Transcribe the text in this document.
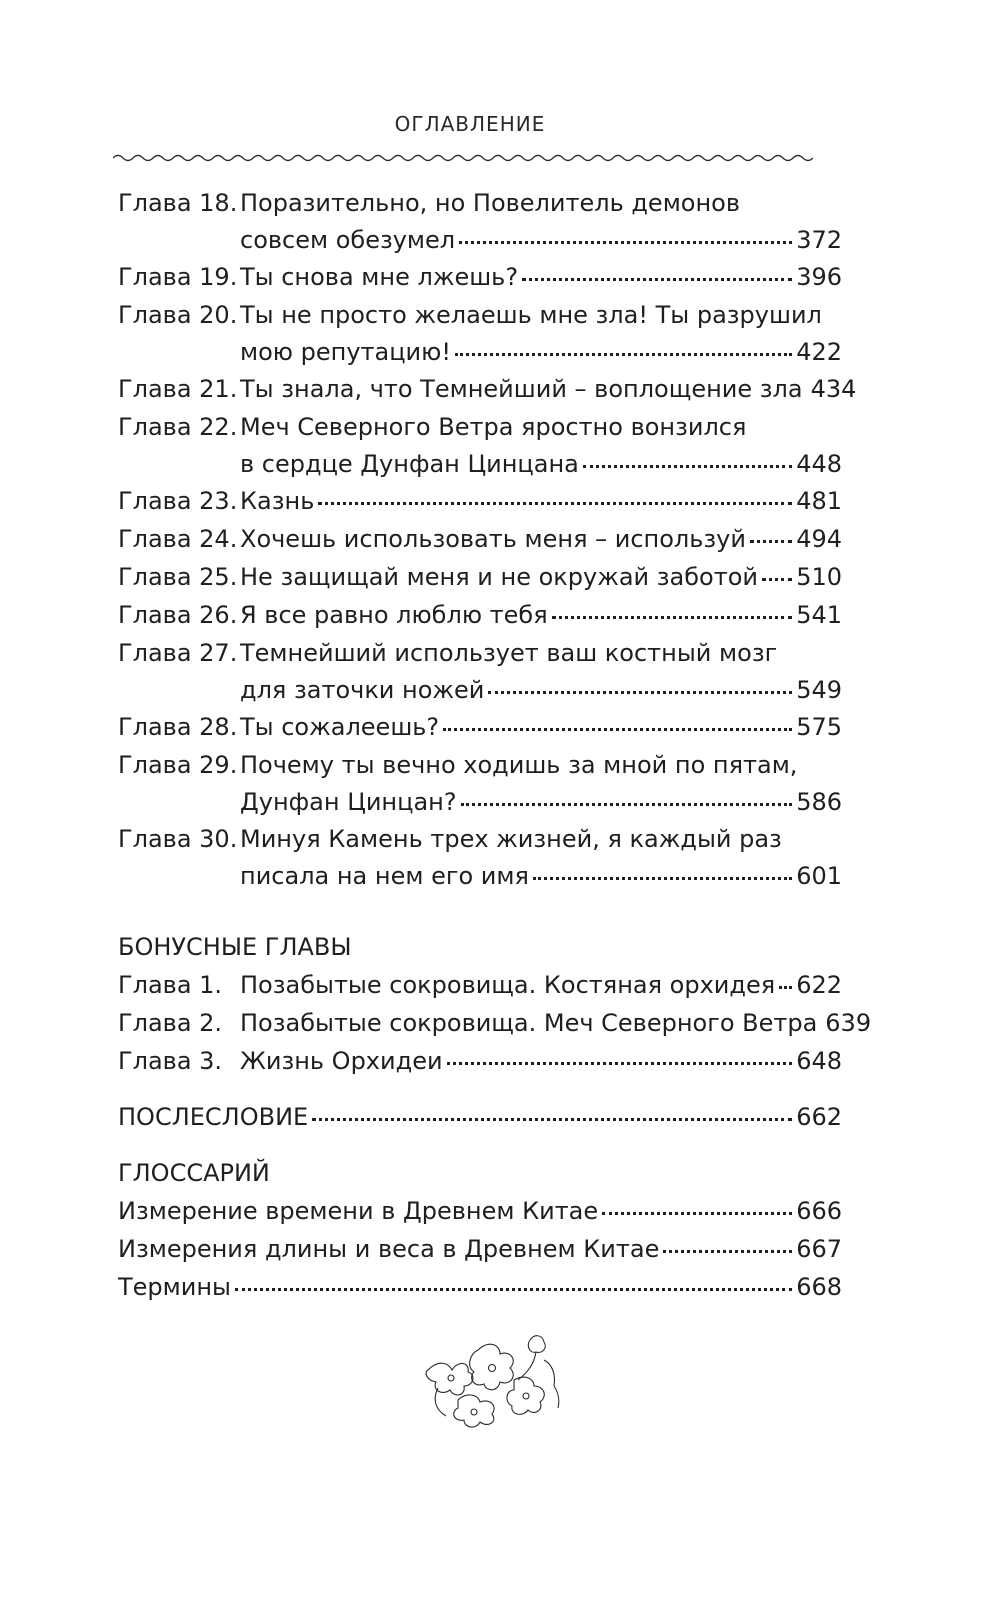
ОГЛАВЛЕНИЕ
Глава 18. Поразительно, но Повелитель демонов
совсем обезумел	372
Глава 19. Ты снова мне лжешь?	396
Глава 20. Ты не просто желаешь мне зла! Ты разрушил
мою репутацию!	422
Глава 21. Ты знала, что Темнейший – воплощение зла 434
Глава 22. Меч Северного Ветра яростно вонзился
в сердце Дунфан Цинцана	448
Глава 23. Казнь	481
Глава 24. Хочешь использовать меня – используй 494
Глава 25. Не защищай меня и не окружай заботой 510
Глава 26. Я все равно люблю тебя	541
Глава 27. Темнейший использует ваш костный мозг
для заточки ножей	549
Глава 28. Ты сожалеешь?	575
Глава 29. Почему ты вечно ходишь за мной по пятам,
Дунфан Цинцан?	586
Глава 30. Минуя Камень трех жизней, я каждый раз
писала на нем его имя	601
БОНУСНЫЕ ГЛАВЫ
Глава 1. Позабытые сокровища. Костяная орхидея 622
Глава 2. Позабытые сокровища. Меч Северного Ветра 639
Глава 3. Жизнь Орхидеи	648
ПОСЛЕСЛОВИЕ	662
ГЛОССАРИЙ
Измерение времени в Древнем Китае	666
Измерения длины и веса в Древнем Китае	667
Термины	668
